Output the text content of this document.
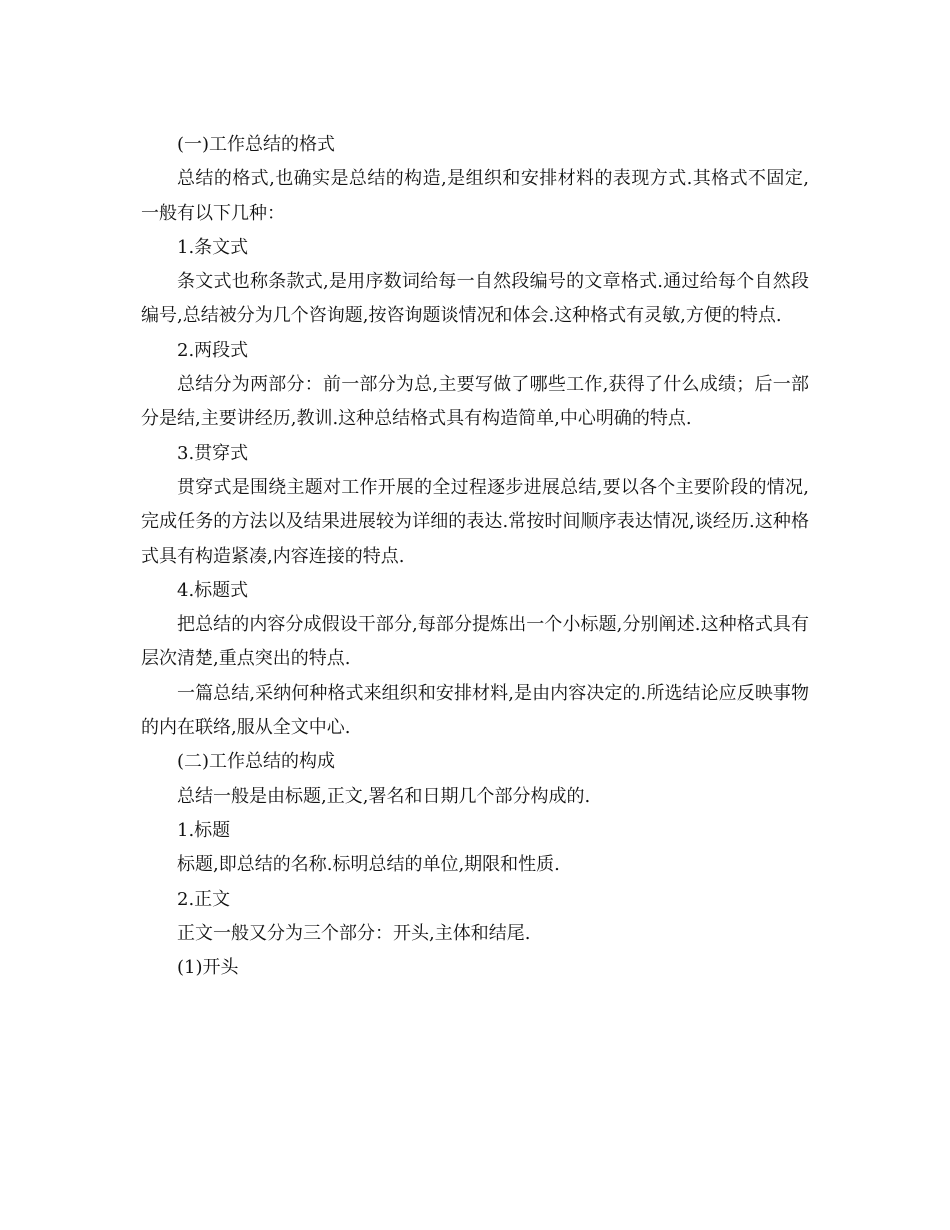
(一)工作总结的格式

总结的格式,也确实是总结的构造,是组织和安排材料的表现方式.其格式不固定,一般有以下几种：

1.条文式

条文式也称条款式,是用序数词给每一自然段编号的文章格式.通过给每个自然段编号,总结被分为几个咨询题,按咨询题谈情况和体会.这种格式有灵敏,方便的特点.

2.两段式

总结分为两部分：前一部分为总,主要写做了哪些工作,获得了什么成绩；后一部分是结,主要讲经历,教训.这种总结格式具有构造简单,中心明确的特点.

3.贯穿式

贯穿式是围绕主题对工作开展的全过程逐步进展总结,要以各个主要阶段的情况,完成任务的方法以及结果进展较为详细的表达.常按时间顺序表达情况,谈经历.这种格式具有构造紧凑,内容连接的特点.

4.标题式

把总结的内容分成假设干部分,每部分提炼出一个小标题,分别阐述.这种格式具有层次清楚,重点突出的特点.

一篇总结,采纳何种格式来组织和安排材料,是由内容决定的.所选结论应反映事物的内在联络,服从全文中心.

(二)工作总结的构成

总结一般是由标题,正文,署名和日期几个部分构成的.

1.标题

标题,即总结的名称.标明总结的单位,期限和性质.

2.正文

正文一般又分为三个部分：开头,主体和结尾.

(1)开头
